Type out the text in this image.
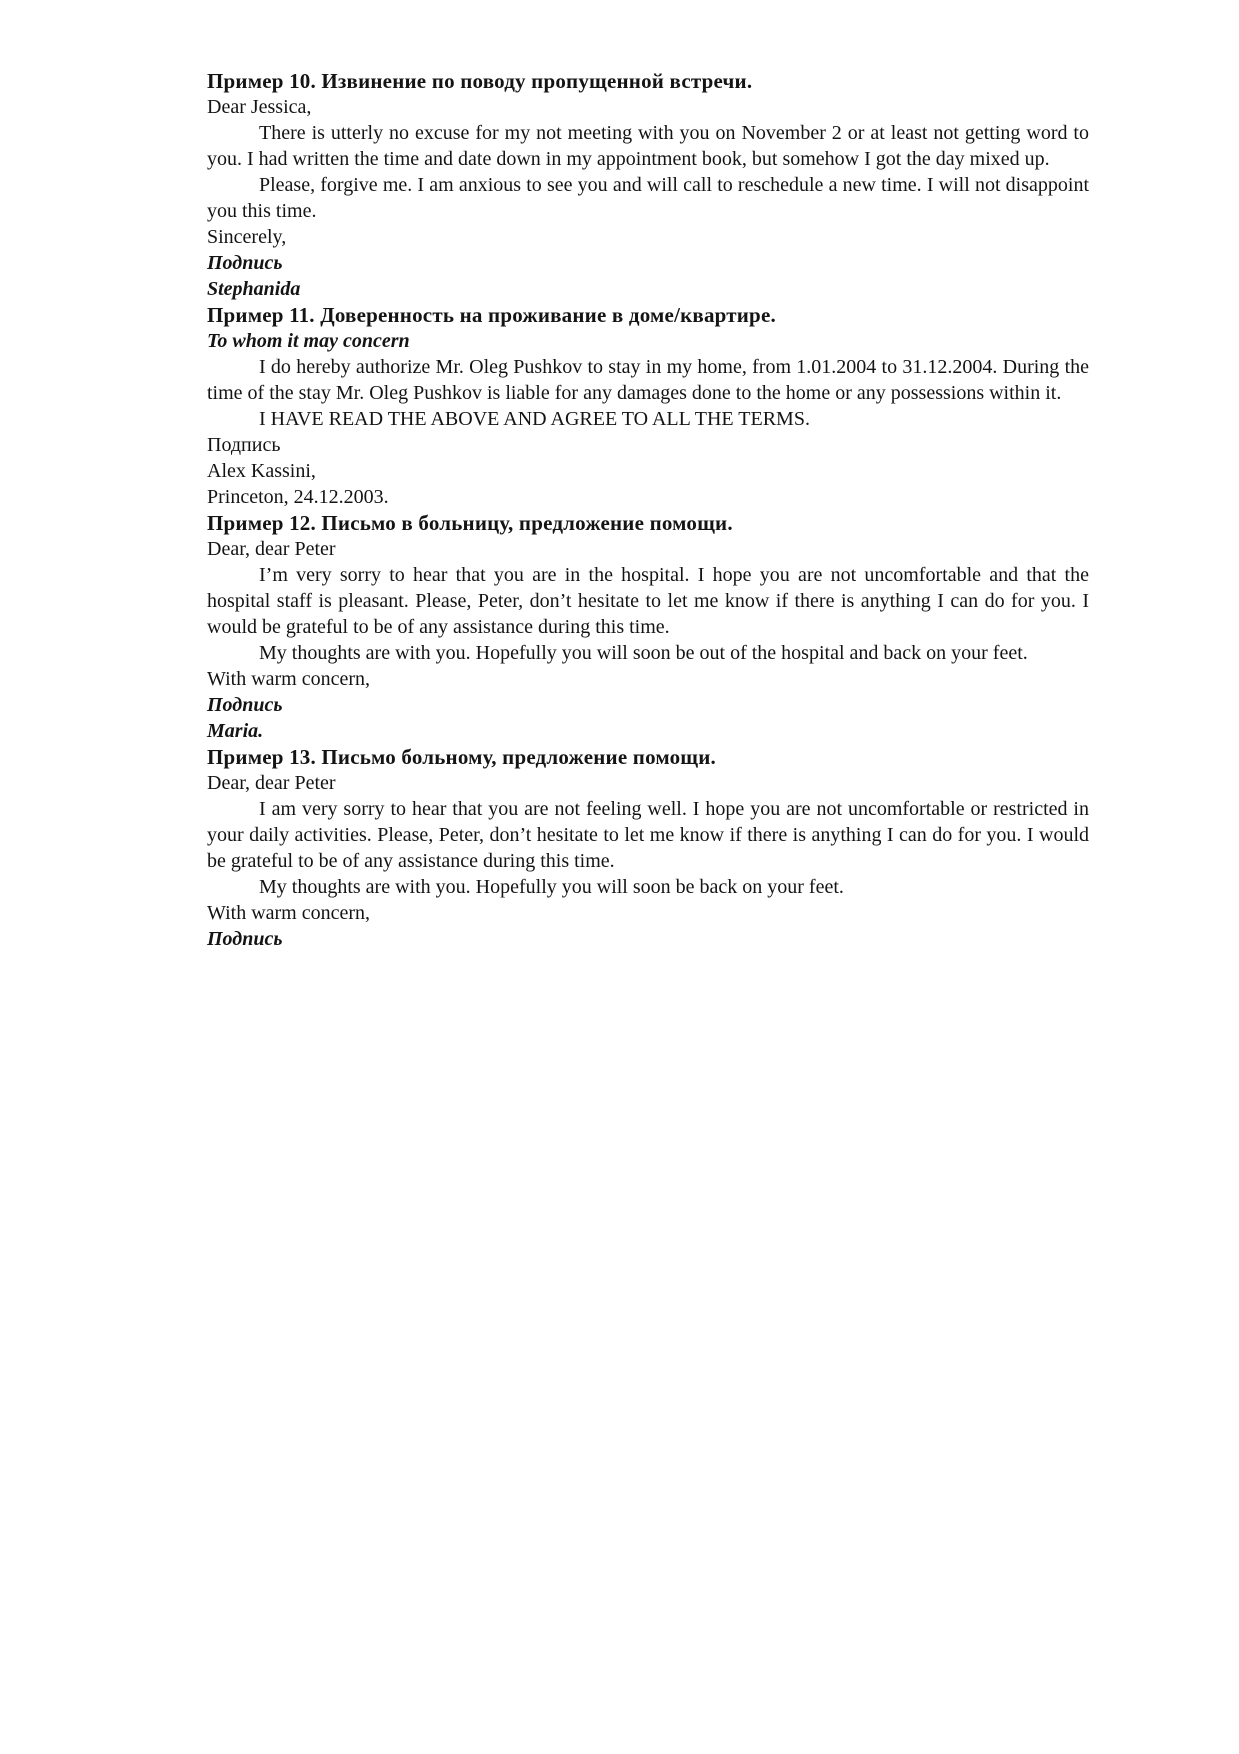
Пример 10. Извинение по поводу пропущенной встречи.

Dear Jessica,

There is utterly no excuse for my not meeting with you on November 2 or at least not getting word to you. I had written the time and date down in my appointment book, but somehow I got the day mixed up.

Please, forgive me. I am anxious to see you and will call to reschedule a new time. I will not disappoint you this time.

Sincerely,

Подпись

Stephanida

Пример 11. Доверенность на проживание в доме/квартире.

To whom it may concern

I do hereby authorize Mr. Oleg Pushkov to stay in my home, from 1.01.2004 to 31.12.2004. During the time of the stay Mr. Oleg Pushkov is liable for any damages done to the home or any possessions within it.

I HAVE READ THE ABOVE AND AGREE TO ALL THE TERMS.

Подпись

Alex Kassini,

Princeton, 24.12.2003.

Пример 12. Письмо в больницу, предложение помощи.

Dear, dear Peter

I’m very sorry to hear that you are in the hospital. I hope you are not uncomfortable and that the hospital staff is pleasant. Please, Peter, don’t hesitate to let me know if there is anything I can do for you. I would be grateful to be of any assistance during this time.

My thoughts are with you. Hopefully you will soon be out of the hospital and back on your feet.

With warm concern,

Подпись

Maria.

Пример 13. Письмо больному, предложение помощи.

Dear, dear Peter

I am very sorry to hear that you are not feeling well. I hope you are not uncomfortable or restricted in your daily activities. Please, Peter, don’t hesitate to let me know if there is anything I can do for you. I would be grateful to be of any assistance during this time.

My thoughts are with you. Hopefully you will soon be back on your feet.

With warm concern,

Подпись
